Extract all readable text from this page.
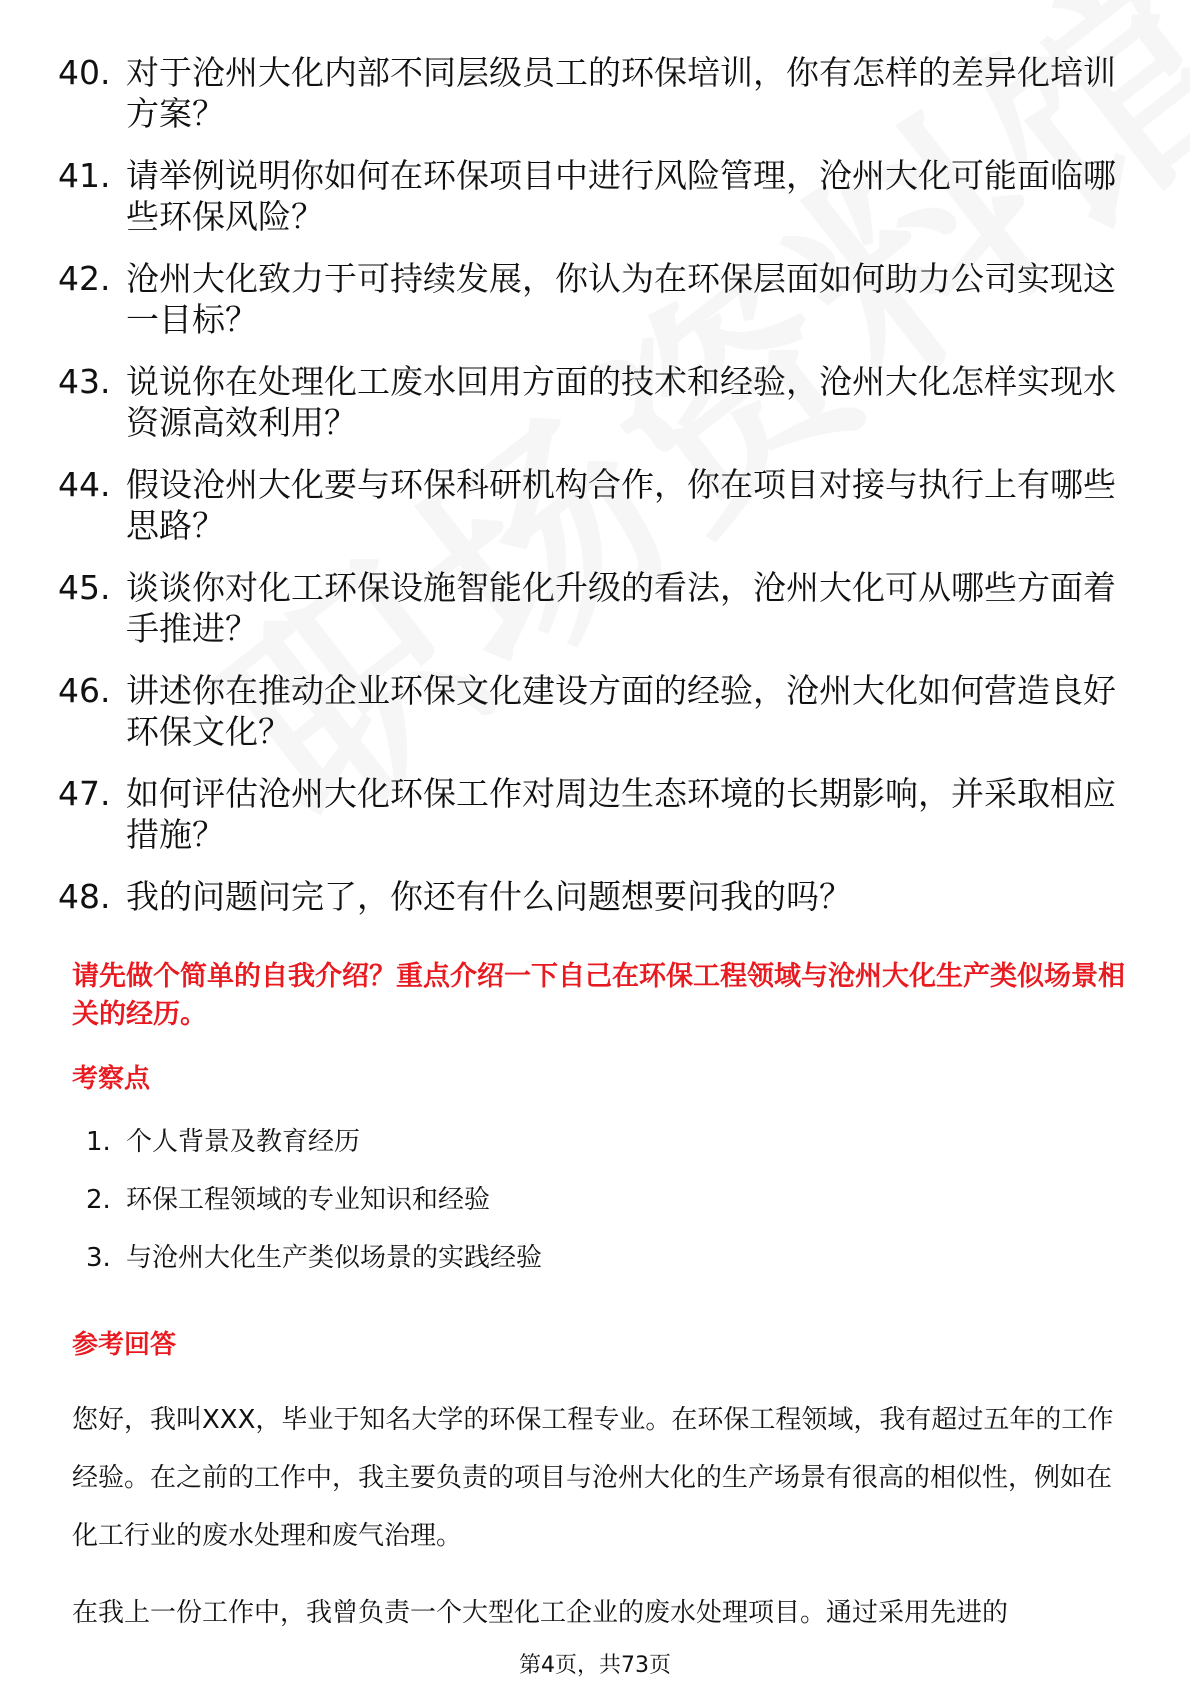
40. 对于沧州大化内部不同层级员工的环保培训，你有怎样的差异化培训方案？
41. 请举例说明你如何在环保项目中进行风险管理，沧州大化可能面临哪些环保风险？
42. 沧州大化致力于可持续发展，你认为在环保层面如何助力公司实现这一目标？
43. 说说你在处理化工废水回用方面的技术和经验，沧州大化怎样实现水资源高效利用？
44. 假设沧州大化要与环保科研机构合作，你在项目对接与执行上有哪些思路？
45. 谈谈你对化工环保设施智能化升级的看法，沧州大化可从哪些方面着手推进？
46. 讲述你在推动企业环保文化建设方面的经验，沧州大化如何营造良好环保文化？
47. 如何评估沧州大化环保工作对周边生态环境的长期影响，并采取相应措施？
48. 我的问题问完了，你还有什么问题想要问我的吗？
请先做个简单的自我介绍？重点介绍一下自己在环保工程领域与沧州大化生产类似场景相关的经历。
考察点
1. 个人背景及教育经历
2. 环保工程领域的专业知识和经验
3. 与沧州大化生产类似场景的实践经验
参考回答

您好，我叫XXX，毕业于知名大学的环保工程专业。在环保工程领域，我有超过五年的工作经验。在之前的工作中，我主要负责的项目与沧州大化的生产场景有很高的相似性，例如在化工行业的废水处理和废气治理。

在我上一份工作中，我曾负责一个大型化工企业的废水处理项目。通过采用先进的

第4页，共73页
